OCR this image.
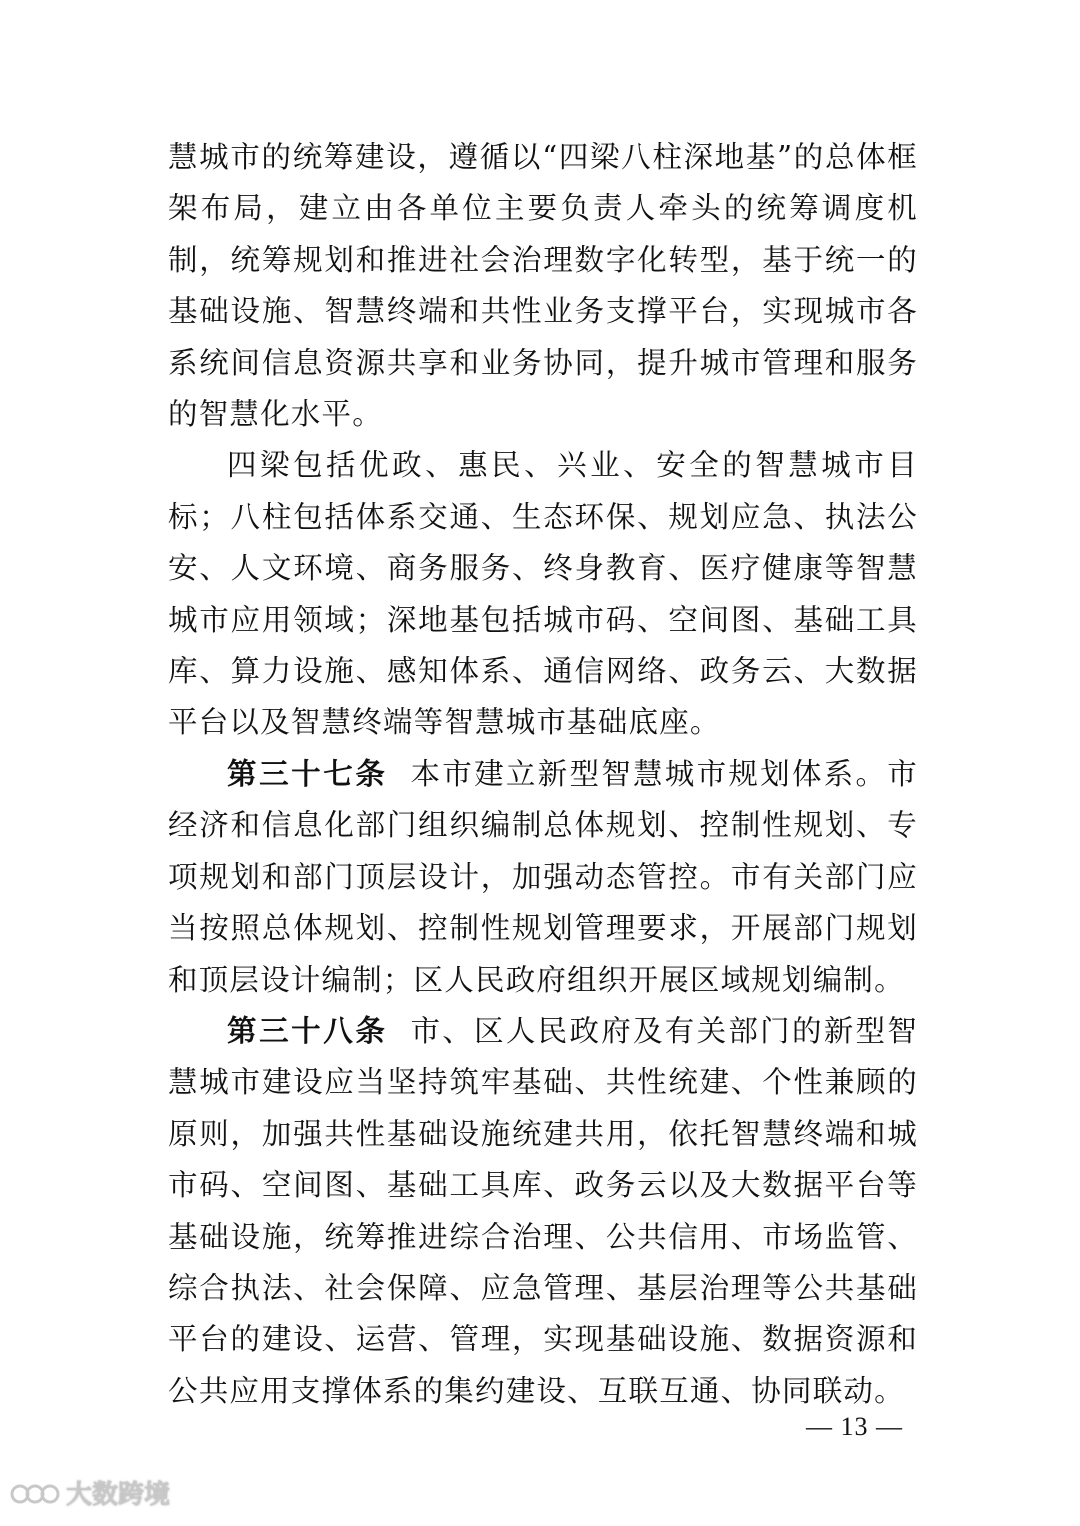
慧城市的统筹建设，遵循以“四梁八柱深地基”的总体框架布局，建立由各单位主要负责人牵头的统筹调度机制，统筹规划和推进社会治理数字化转型，基于统一的基础设施、智慧终端和共性业务支撑平台，实现城市各系统间信息资源共享和业务协同，提升城市管理和服务的智慧化水平。

四梁包括优政、惠民、兴业、安全的智慧城市目标；八柱包括体系交通、生态环保、规划应急、执法公安、人文环境、商务服务、终身教育、医疗健康等智慧城市应用领域；深地基包括城市码、空间图、基础工具库、算力设施、感知体系、通信网络、政务云、大数据平台以及智慧终端等智慧城市基础底座。

第三十七条 本市建立新型智慧城市规划体系。市经济和信息化部门组织编制总体规划、控制性规划、专项规划和部门顶层设计，加强动态管控。市有关部门应当按照总体规划、控制性规划管理要求，开展部门规划和顶层设计编制；区人民政府组织开展区域规划编制。

第三十八条 市、区人民政府及有关部门的新型智慧城市建设应当坚持筑牢基础、共性统建、个性兼顾的原则，加强共性基础设施统建共用，依托智慧终端和城市码、空间图、基础工具库、政务云以及大数据平台等基础设施，统筹推进综合治理、公共信用、市场监管、综合执法、社会保障、应急管理、基层治理等公共基础平台的建设、运营、管理，实现基础设施、数据资源和公共应用支撑体系的集约建设、互联互通、协同联动。

— 13 —
大数跨境
